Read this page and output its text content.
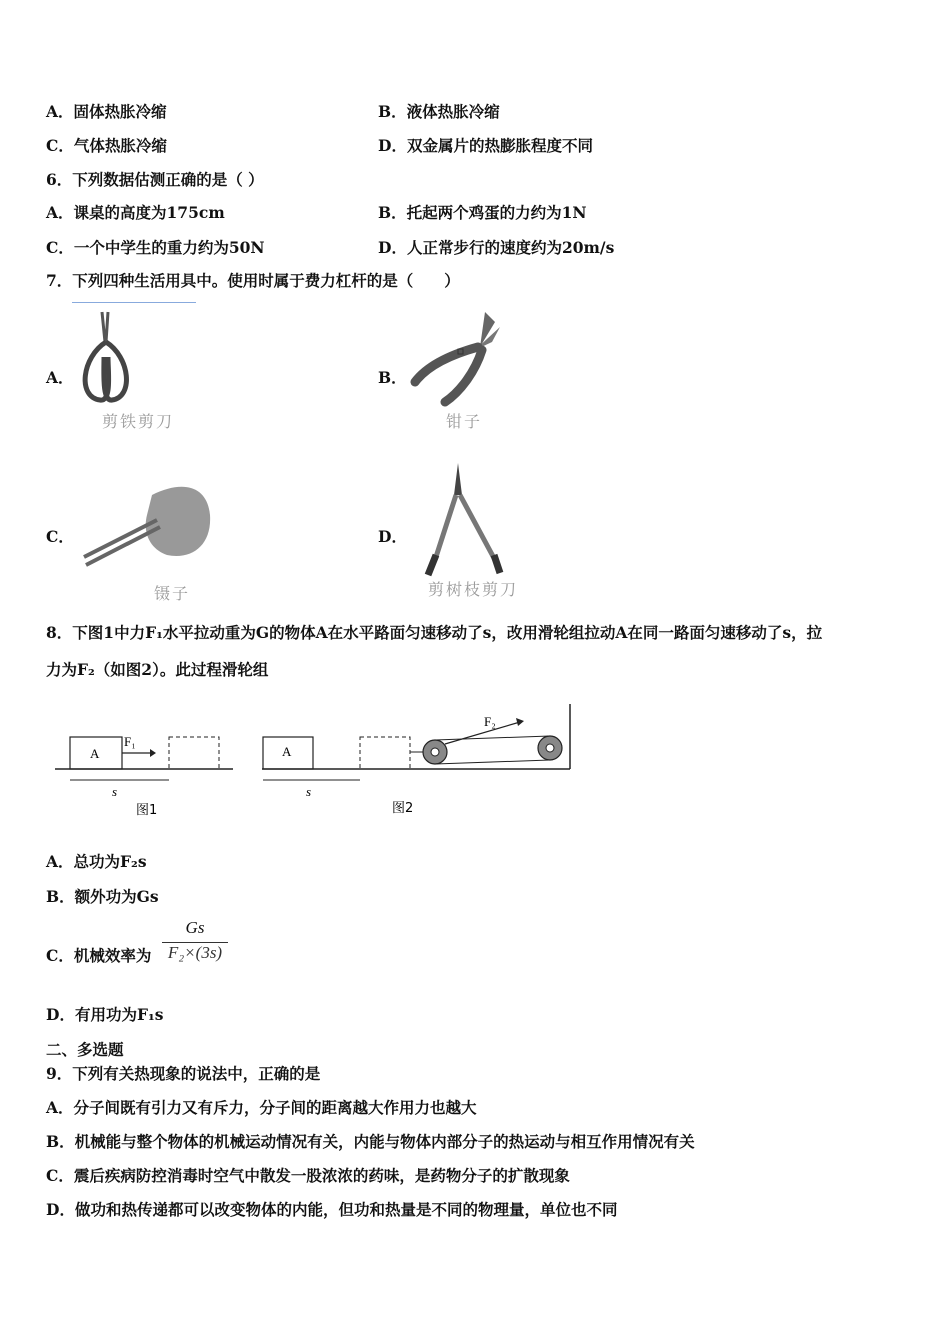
A．固体热胀冷缩	B．液体热胀冷缩
C．气体热胀冷缩	D．双金属片的热膨胀程度不同
6．下列数据估测正确的是（ ）
A．课桌的高度为175cm	B．托起两个鸡蛋的力约为1N
C．一个中学生的重力约为50N	D．人正常步行的速度约为20m/s
7．下列四种生活用具中。使用时属于费力杠杆的是（　　）
A．
剪铁剪刀
B．
钳子
C．
镊子
D．
剪树枝剪刀
8．下图1中力F₁水平拉动重为G的物体A在水平路面匀速移动了s，改用滑轮组拉动A在同一路面匀速移动了s，拉
力为F₂（如图2）。此过程滑轮组
A
F₁
s
图1
A
F₂
s
图2
A．总功为F₂s
B．额外功为Gs
C．机械效率为
Gs
F₂×(3s)
D．有用功为F₁s
二、多选题
9．下列有关热现象的说法中，正确的是
A．分子间既有引力又有斥力，分子间的距离越大作用力也越大
B．机械能与整个物体的机械运动情况有关，内能与物体内部分子的热运动与相互作用情况有关
C．震后疾病防控消毒时空气中散发一股浓浓的药味，是药物分子的扩散现象
D．做功和热传递都可以改变物体的内能，但功和热量是不同的物理量，单位也不同
